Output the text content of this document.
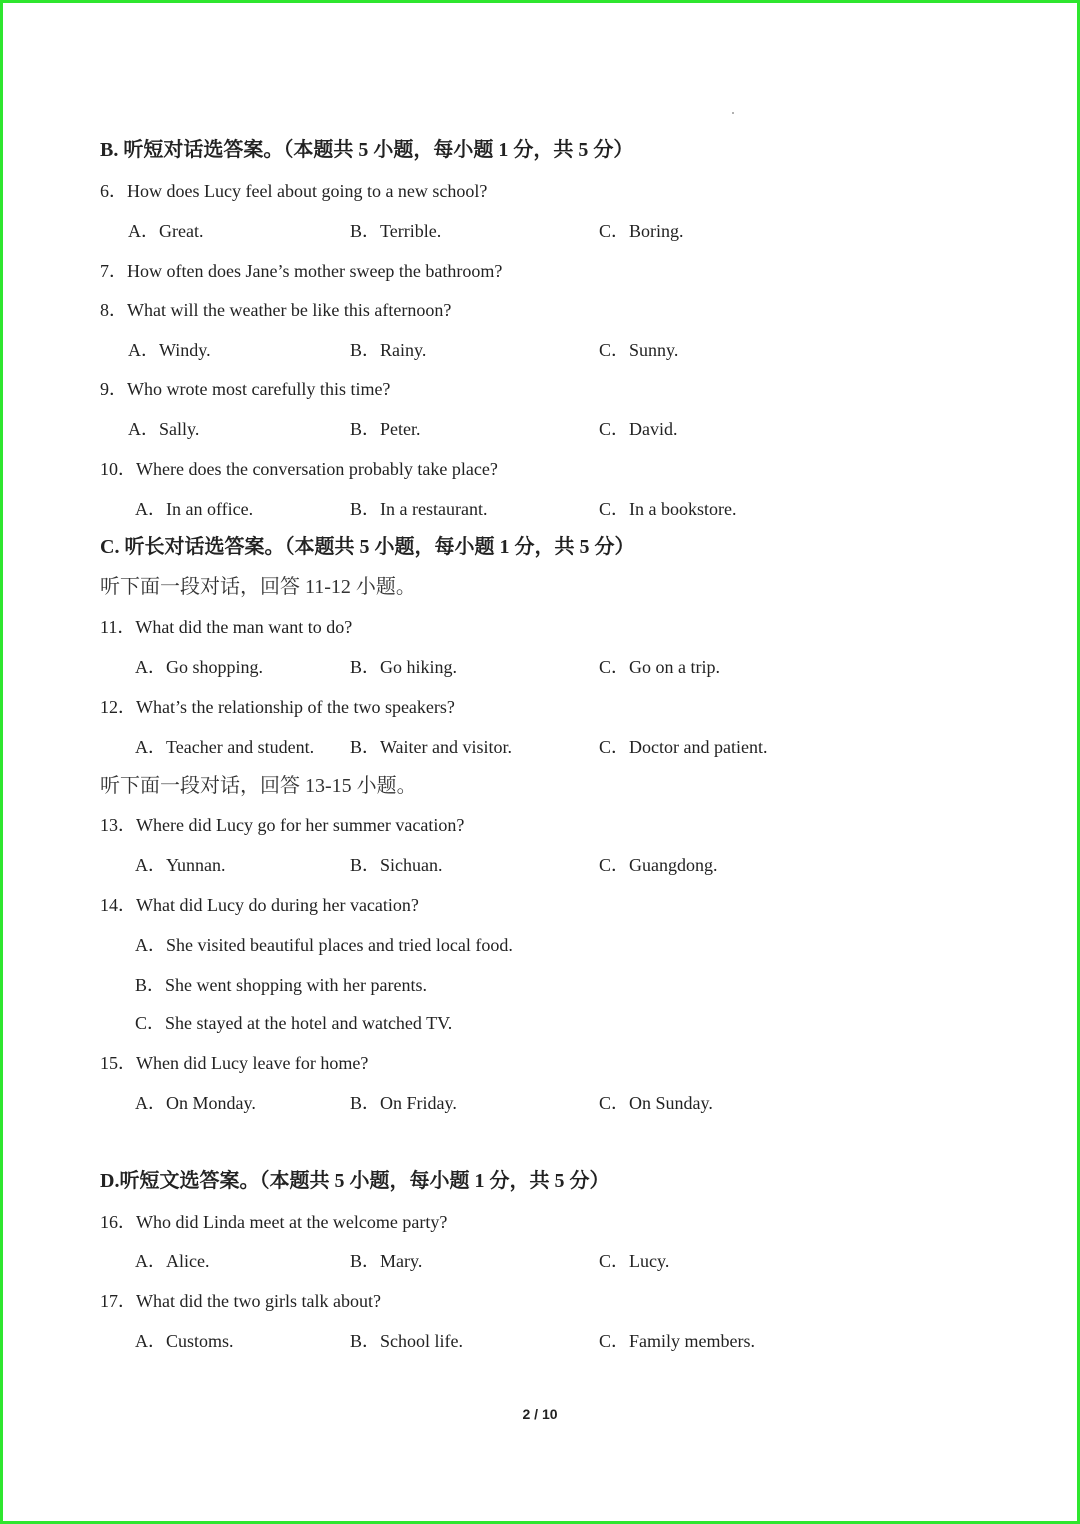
B. 听短对话选答案。（本题共 5 小题，每小题 1 分，共 5 分）
6．How does Lucy feel about going to a new school?
A．Great.	B．Terrible.	C．Boring.
7．How often does Jane’s mother sweep the bathroom?
8．What will the weather be like this afternoon?
A．Windy.	B．Rainy.	C．Sunny.
9．Who wrote most carefully this time?
A．Sally.	B．Peter.	C．David.
10．Where does the conversation probably take place?
A．In an office.	B．In a restaurant.	C．In a bookstore.
C. 听长对话选答案。（本题共 5 小题，每小题 1 分，共 5 分）
听下面一段对话，回答 11-12 小题。
11．What did the man want to do?
A．Go shopping.	B．Go hiking.	C．Go on a trip.
12．What’s the relationship of the two speakers?
A．Teacher and student. B．Waiter and visitor.	C．Doctor and patient.
听下面一段对话，回答 13-15 小题。
13．Where did Lucy go for her summer vacation?
A．Yunnan.	B．Sichuan.	C．Guangdong.
14．What did Lucy do during her vacation?
A．She visited beautiful places and tried local food.
B．She went shopping with her parents.
C．She stayed at the hotel and watched TV.
15．When did Lucy leave for home?
A．On Monday.	B．On Friday.	C．On Sunday.
D.听短文选答案。（本题共 5 小题，每小题 1 分，共 5 分）
16．Who did Linda meet at the welcome party?
A．Alice.	B．Mary.	C．Lucy.
17．What did the two girls talk about?
A．Customs.	B．School life.	C．Family members.
2 / 10
